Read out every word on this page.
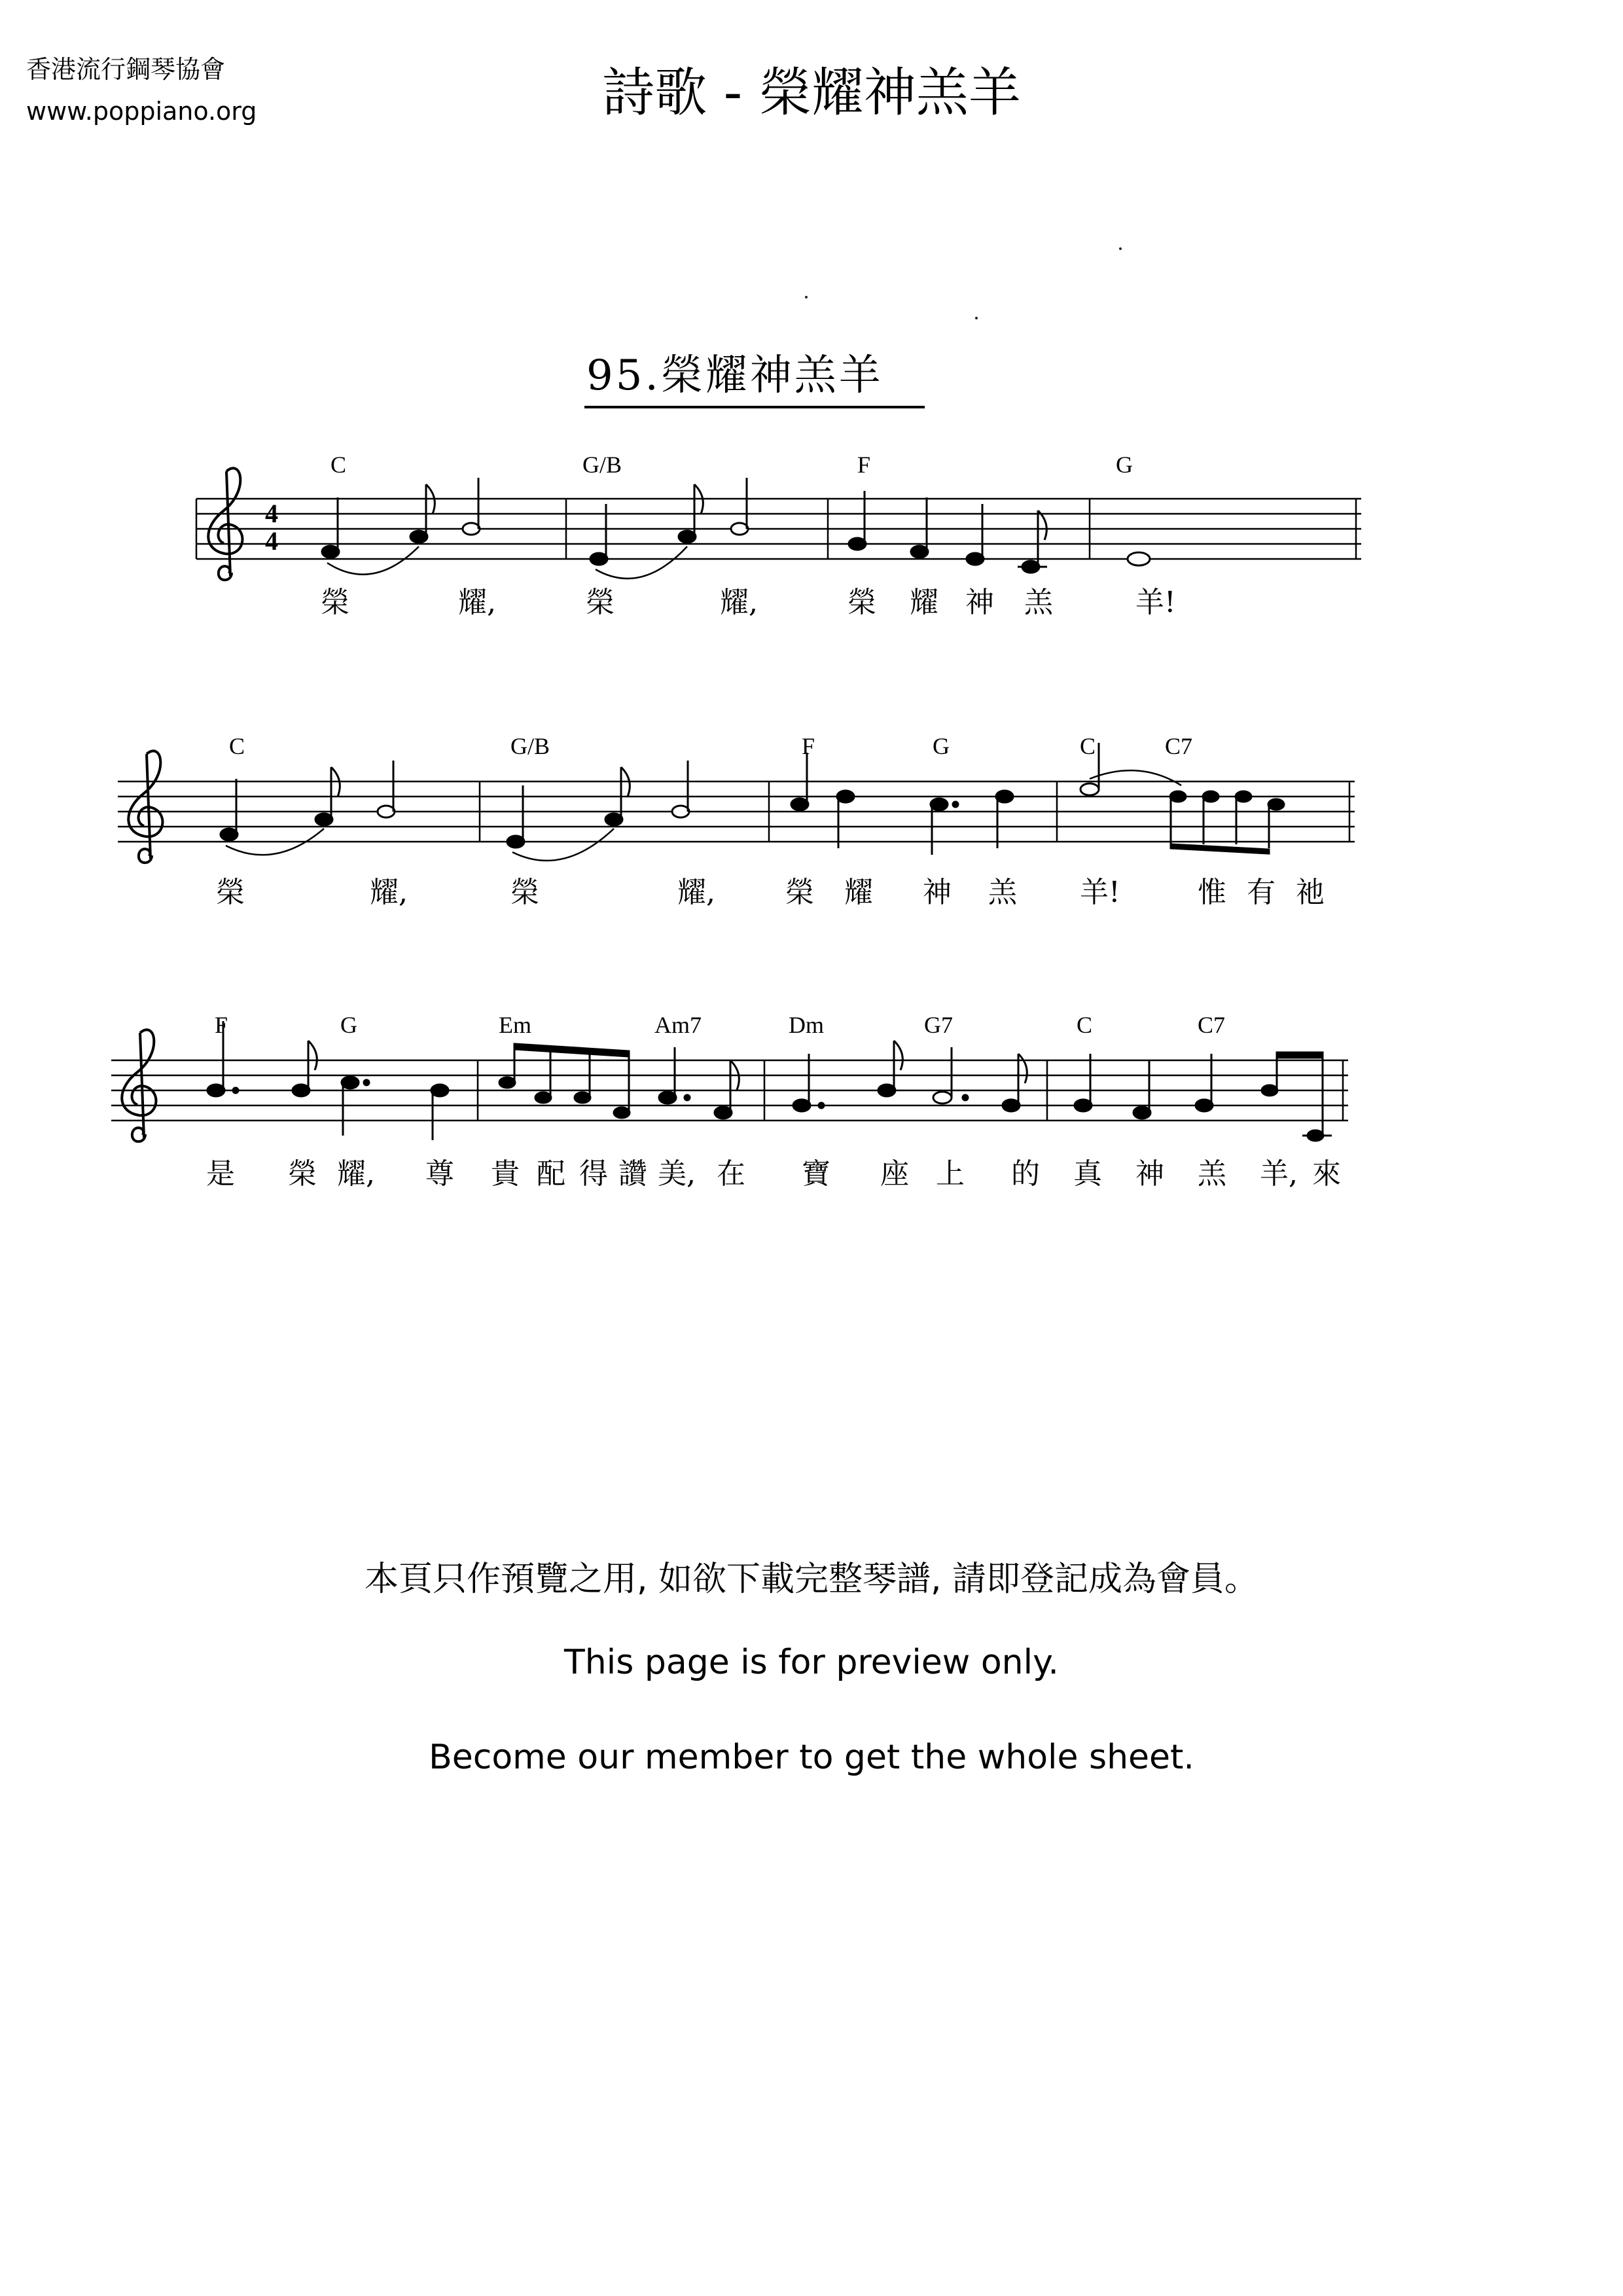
香港流行鋼琴協會
www.poppiano.org	詩歌 - 榮耀神羔羊
95.榮耀神羔羊
4
4
C	G/B	F	G
榮	耀,	榮	耀,	榮 耀 神 羔	羊!
C	G/B	F	G	C	C7
榮	耀,	榮	耀, 榮 耀 神 羔 羊!	惟 有 祂
F	G	Em	Am7	Dm	G7	C	C7
是 榮 耀, 尊 貴 配 得 讚 美, 在 寶 座 上 的 真 神 羔 羊, 來
本頁只作預覽之用, 如欲下載完整琴譜, 請即登記成為會員。
This page is for preview only.
Become our member to get the whole sheet.
